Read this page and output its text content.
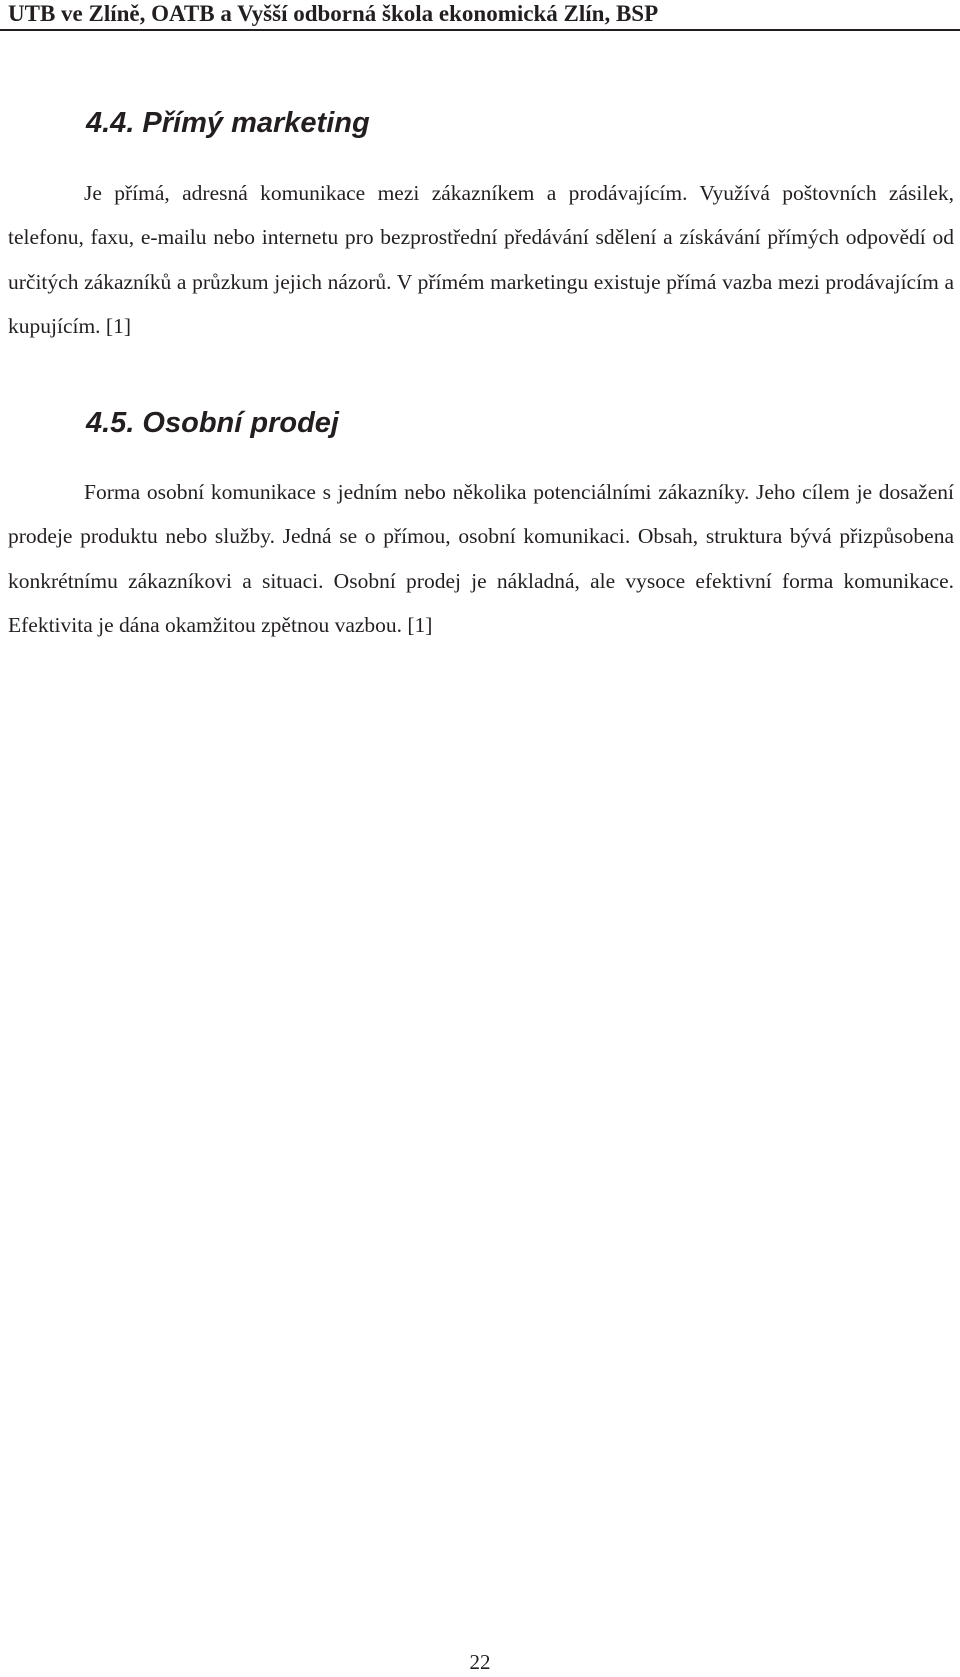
UTB ve Zlíně, OATB a Vyšší odborná škola ekonomická Zlín, BSP
4.4. Přímý marketing

Je přímá, adresná komunikace mezi zákazníkem a prodávajícím. Využívá poštovních zásilek, telefonu, faxu, e-mailu nebo internetu pro bezprostřední předávání sdělení a získávání přímých odpovědí od určitých zákazníků a průzkum jejich názorů. V přímém marketingu existuje přímá vazba mezi prodávajícím a kupujícím. [1]

4.5. Osobní prodej

Forma osobní komunikace s jedním nebo několika potenciálními zákazníky. Jeho cílem je dosažení prodeje produktu nebo služby. Jedná se o přímou, osobní komunikaci. Obsah, struktura bývá přizpůsobena konkrétnímu zákazníkovi a situaci. Osobní prodej je nákladná, ale vysoce efektivní forma komunikace. Efektivita je dána okamžitou zpětnou vazbou. [1]

22
